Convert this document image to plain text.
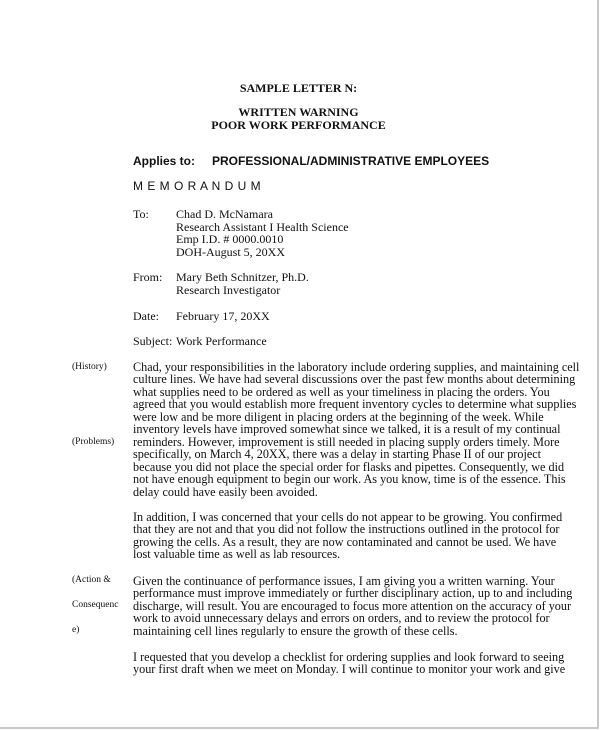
SAMPLE LETTER N:
WRITTEN WARNING
POOR WORK PERFORMANCE
Applies to: PROFESSIONAL/ADMINISTRATIVE EMPLOYEES
M E M O R A N D U M
To: Chad D. McNamara
Research Assistant I Health Science
Emp I.D. # 0000.0010
DOH-August 5, 20XX
From: Mary Beth Schnitzer, Ph.D.
Research Investigator
Date: February 17, 20XX
Subject: Work Performance
(History)
(Problems)
(Action &
Consequenc
e)
Chad, your responsibilities in the laboratory include ordering supplies, and maintaining cell
culture lines. We have had several discussions over the past few months about determining
what supplies need to be ordered as well as your timeliness in placing the orders. You
agreed that you would establish more frequent inventory cycles to determine what supplies
were low and be more diligent in placing orders at the beginning of the week. While
inventory levels have improved somewhat since we talked, it is a result of my continual
reminders. However, improvement is still needed in placing supply orders timely. More
specifically, on March 4, 20XX, there was a delay in starting Phase II of our project
because you did not place the special order for flasks and pipettes. Consequently, we did
not have enough equipment to begin our work. As you know, time is of the essence. This
delay could have easily been avoided.
In addition, I was concerned that your cells do not appear to be growing. You confirmed
that they are not and that you did not follow the instructions outlined in the protocol for
growing the cells. As a result, they are now contaminated and cannot be used. We have
lost valuable time as well as lab resources.
Given the continuance of performance issues, I am giving you a written warning. Your
performance must improve immediately or further disciplinary action, up to and including
discharge, will result. You are encouraged to focus more attention on the accuracy of your
work to avoid unnecessary delays and errors on orders, and to review the protocol for
maintaining cell lines regularly to ensure the growth of these cells.
I requested that you develop a checklist for ordering supplies and look forward to seeing
your first draft when we meet on Monday. I will continue to monitor your work and give
